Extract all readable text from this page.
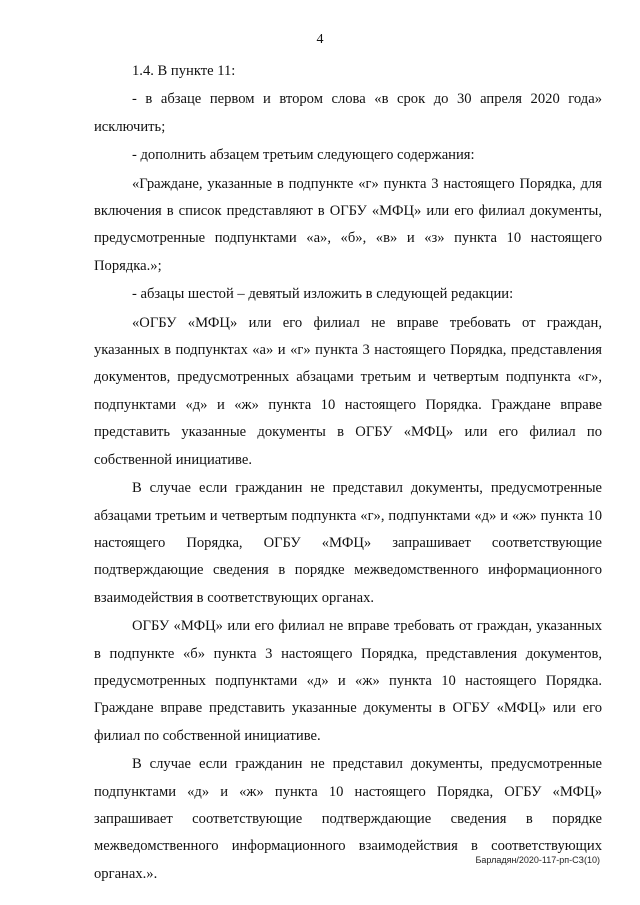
4

1.4. В пункте 11:

- в абзаце первом и втором слова «в срок до 30 апреля 2020 года» исключить;

- дополнить абзацем третьим следующего содержания:

«Граждане, указанные в подпункте «г» пункта 3 настоящего Порядка, для включения в список представляют в ОГБУ «МФЦ» или его филиал документы, предусмотренные подпунктами «а», «б», «в» и «з» пункта 10 настоящего Порядка.»;

- абзацы шестой – девятый изложить в следующей редакции:

«ОГБУ «МФЦ» или его филиал не вправе требовать от граждан, указанных в подпунктах «а» и «г» пункта 3 настоящего Порядка, представления документов, предусмотренных абзацами третьим и четвертым подпункта «г», подпунктами «д» и «ж» пункта 10 настоящего Порядка. Граждане вправе представить указанные документы в ОГБУ «МФЦ» или его филиал по собственной инициативе.

В случае если гражданин не представил документы, предусмотренные абзацами третьим и четвертым подпункта «г», подпунктами «д» и «ж» пункта 10 настоящего Порядка, ОГБУ «МФЦ» запрашивает соответствующие подтверждающие сведения в порядке межведомственного информационного взаимодействия в соответствующих органах.

ОГБУ «МФЦ» или его филиал не вправе требовать от граждан, указанных в подпункте «б» пункта 3 настоящего Порядка, представления документов, предусмотренных подпунктами «д» и «ж» пункта 10 настоящего Порядка. Граждане вправе представить указанные документы в ОГБУ «МФЦ» или его филиал по собственной инициативе.

В случае если гражданин не представил документы, предусмотренные подпунктами «д» и «ж» пункта 10 настоящего Порядка, ОГБУ «МФЦ» запрашивает соответствующие подтверждающие сведения в порядке межведомственного информационного взаимодействия в соответствующих органах.».

Барладян/2020-117-рп-СЗ(10)
